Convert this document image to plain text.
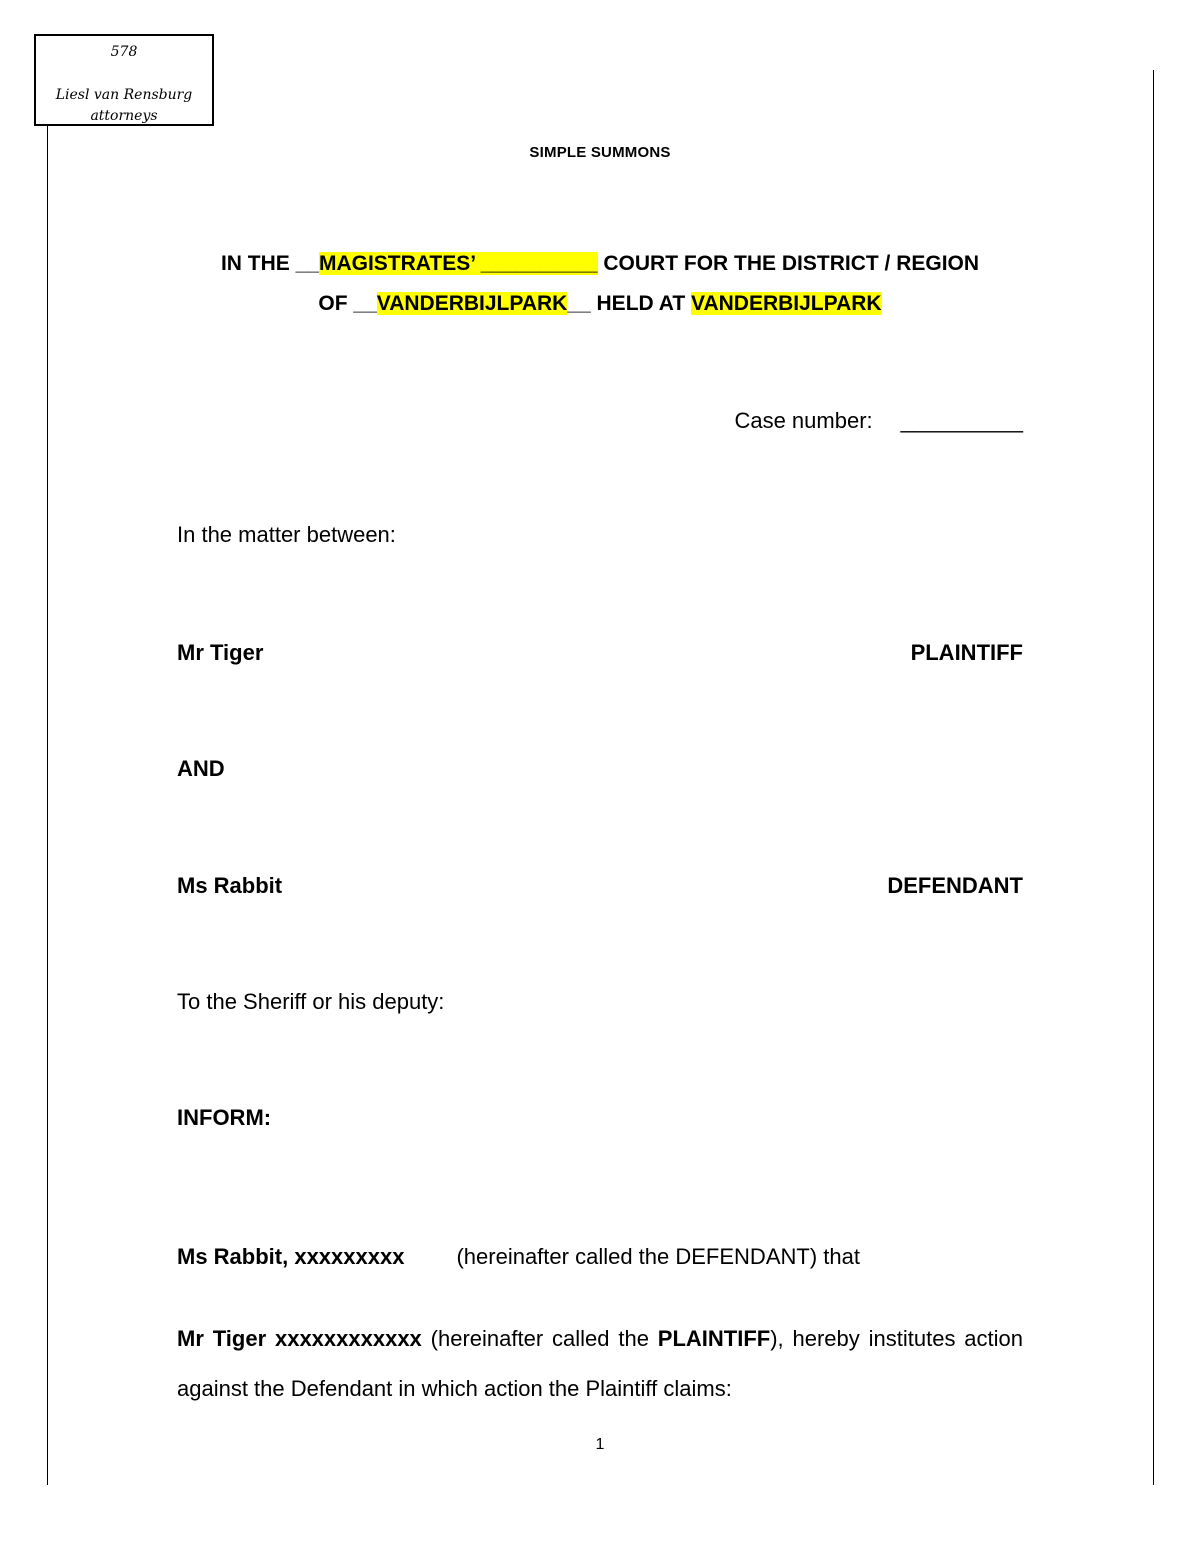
578
Liesl van Rensburg
attorneys
SIMPLE SUMMONS
IN THE __MAGISTRATES’ __________ COURT FOR THE DISTRICT / REGION
OF __VANDERBIJLPARK__ HELD AT VANDERBIJLPARK
Case number: __________
In the matter between:
Mr Tiger	PLAINTIFF
AND
Ms Rabbit	DEFENDANT
To the Sheriff or his deputy:
INFORM:
Ms Rabbit, xxxxxxxxx (hereinafter called the DEFENDANT) that
Mr Tiger xxxxxxxxxxxx (hereinafter called the PLAINTIFF), hereby institutes action against the Defendant in which action the Plaintiff claims:
1
